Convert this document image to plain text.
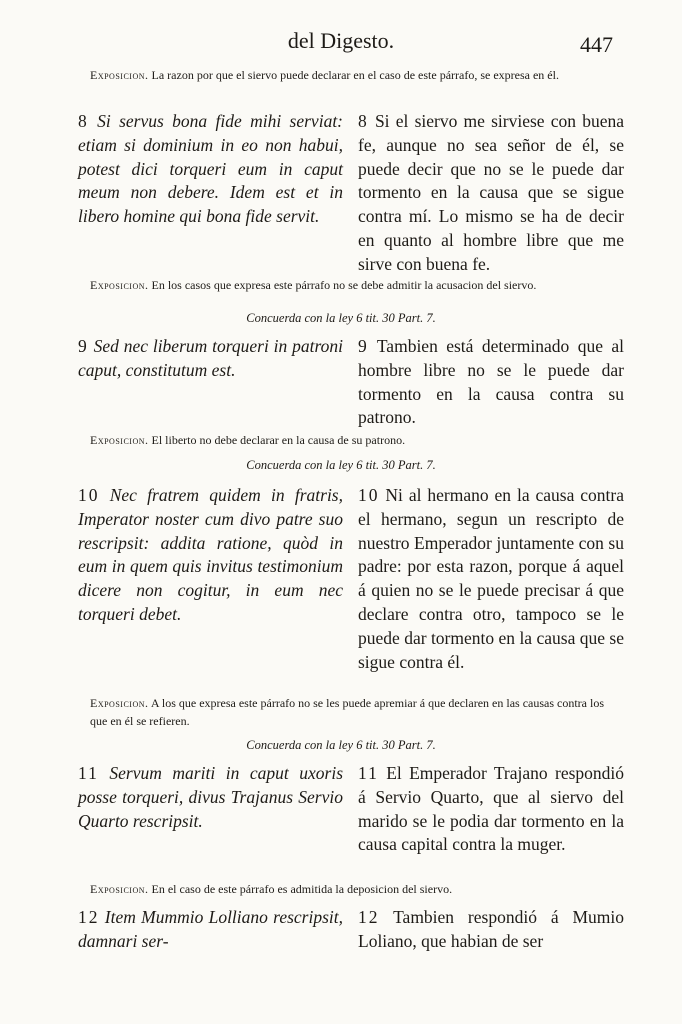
del Digesto.	447
Exposicion. La razon por que el siervo puede declarar en el caso de este párrafo, se expresa en él.

8 Si servus bona fide mihi serviat: etiam si dominium in eo non habui, potest dici torqueri eum in caput meum non debere. Idem est et in libero homine qui bona fide servit.

8 Si el siervo me sirviese con buena fe, aunque no sea señor de él, se puede decir que no se le puede dar tormento en la causa que se sigue contra mí. Lo mismo se ha de decir en quanto al hombre libre que me sirve con buena fe.

Exposicion. En los casos que expresa este párrafo no se debe admitir la acusacion del siervo.
Concuerda con la ley 6 tit. 30 Part. 7.

9 Sed nec liberum torqueri in patroni caput, constitutum est.

9 Tambien está determinado que al hombre libre no se le puede dar tormento en la causa contra su patrono.

Exposicion. El liberto no debe declarar en la causa de su patrono.
Concuerda con la ley 6 tit. 30 Part. 7.

10 Nec fratrem quidem in fratris, Imperator noster cum divo patre suo rescripsit: addita ratione, quòd in eum in quem quis invitus testimonium dicere non cogitur, in eum nec torqueri debet.

10 Ni al hermano en la causa contra el hermano, segun un rescripto de nuestro Emperador juntamente con su padre: por esta razon, porque á aquel á quien no se le puede precisar á que declare contra otro, tampoco se le puede dar tormento en la causa que se sigue contra él.

Exposicion. A los que expresa este párrafo no se les puede apremiar á que declaren en las causas contra los que en él se refieren.
Concuerda con la ley 6 tit. 30 Part. 7.

11 Servum mariti in caput uxoris posse torqueri, divus Trajanus Servio Quarto rescripsit.

11 El Emperador Trajano respondió á Servio Quarto, que al siervo del marido se le podia dar tormento en la causa capital contra la muger.

Exposicion. En el caso de este párrafo es admitida la deposicion del siervo.

12 Item Mummio Lolliano rescripsit, damnari ser-

12 Tambien respondió á Mumio Loliano, que habian de ser
